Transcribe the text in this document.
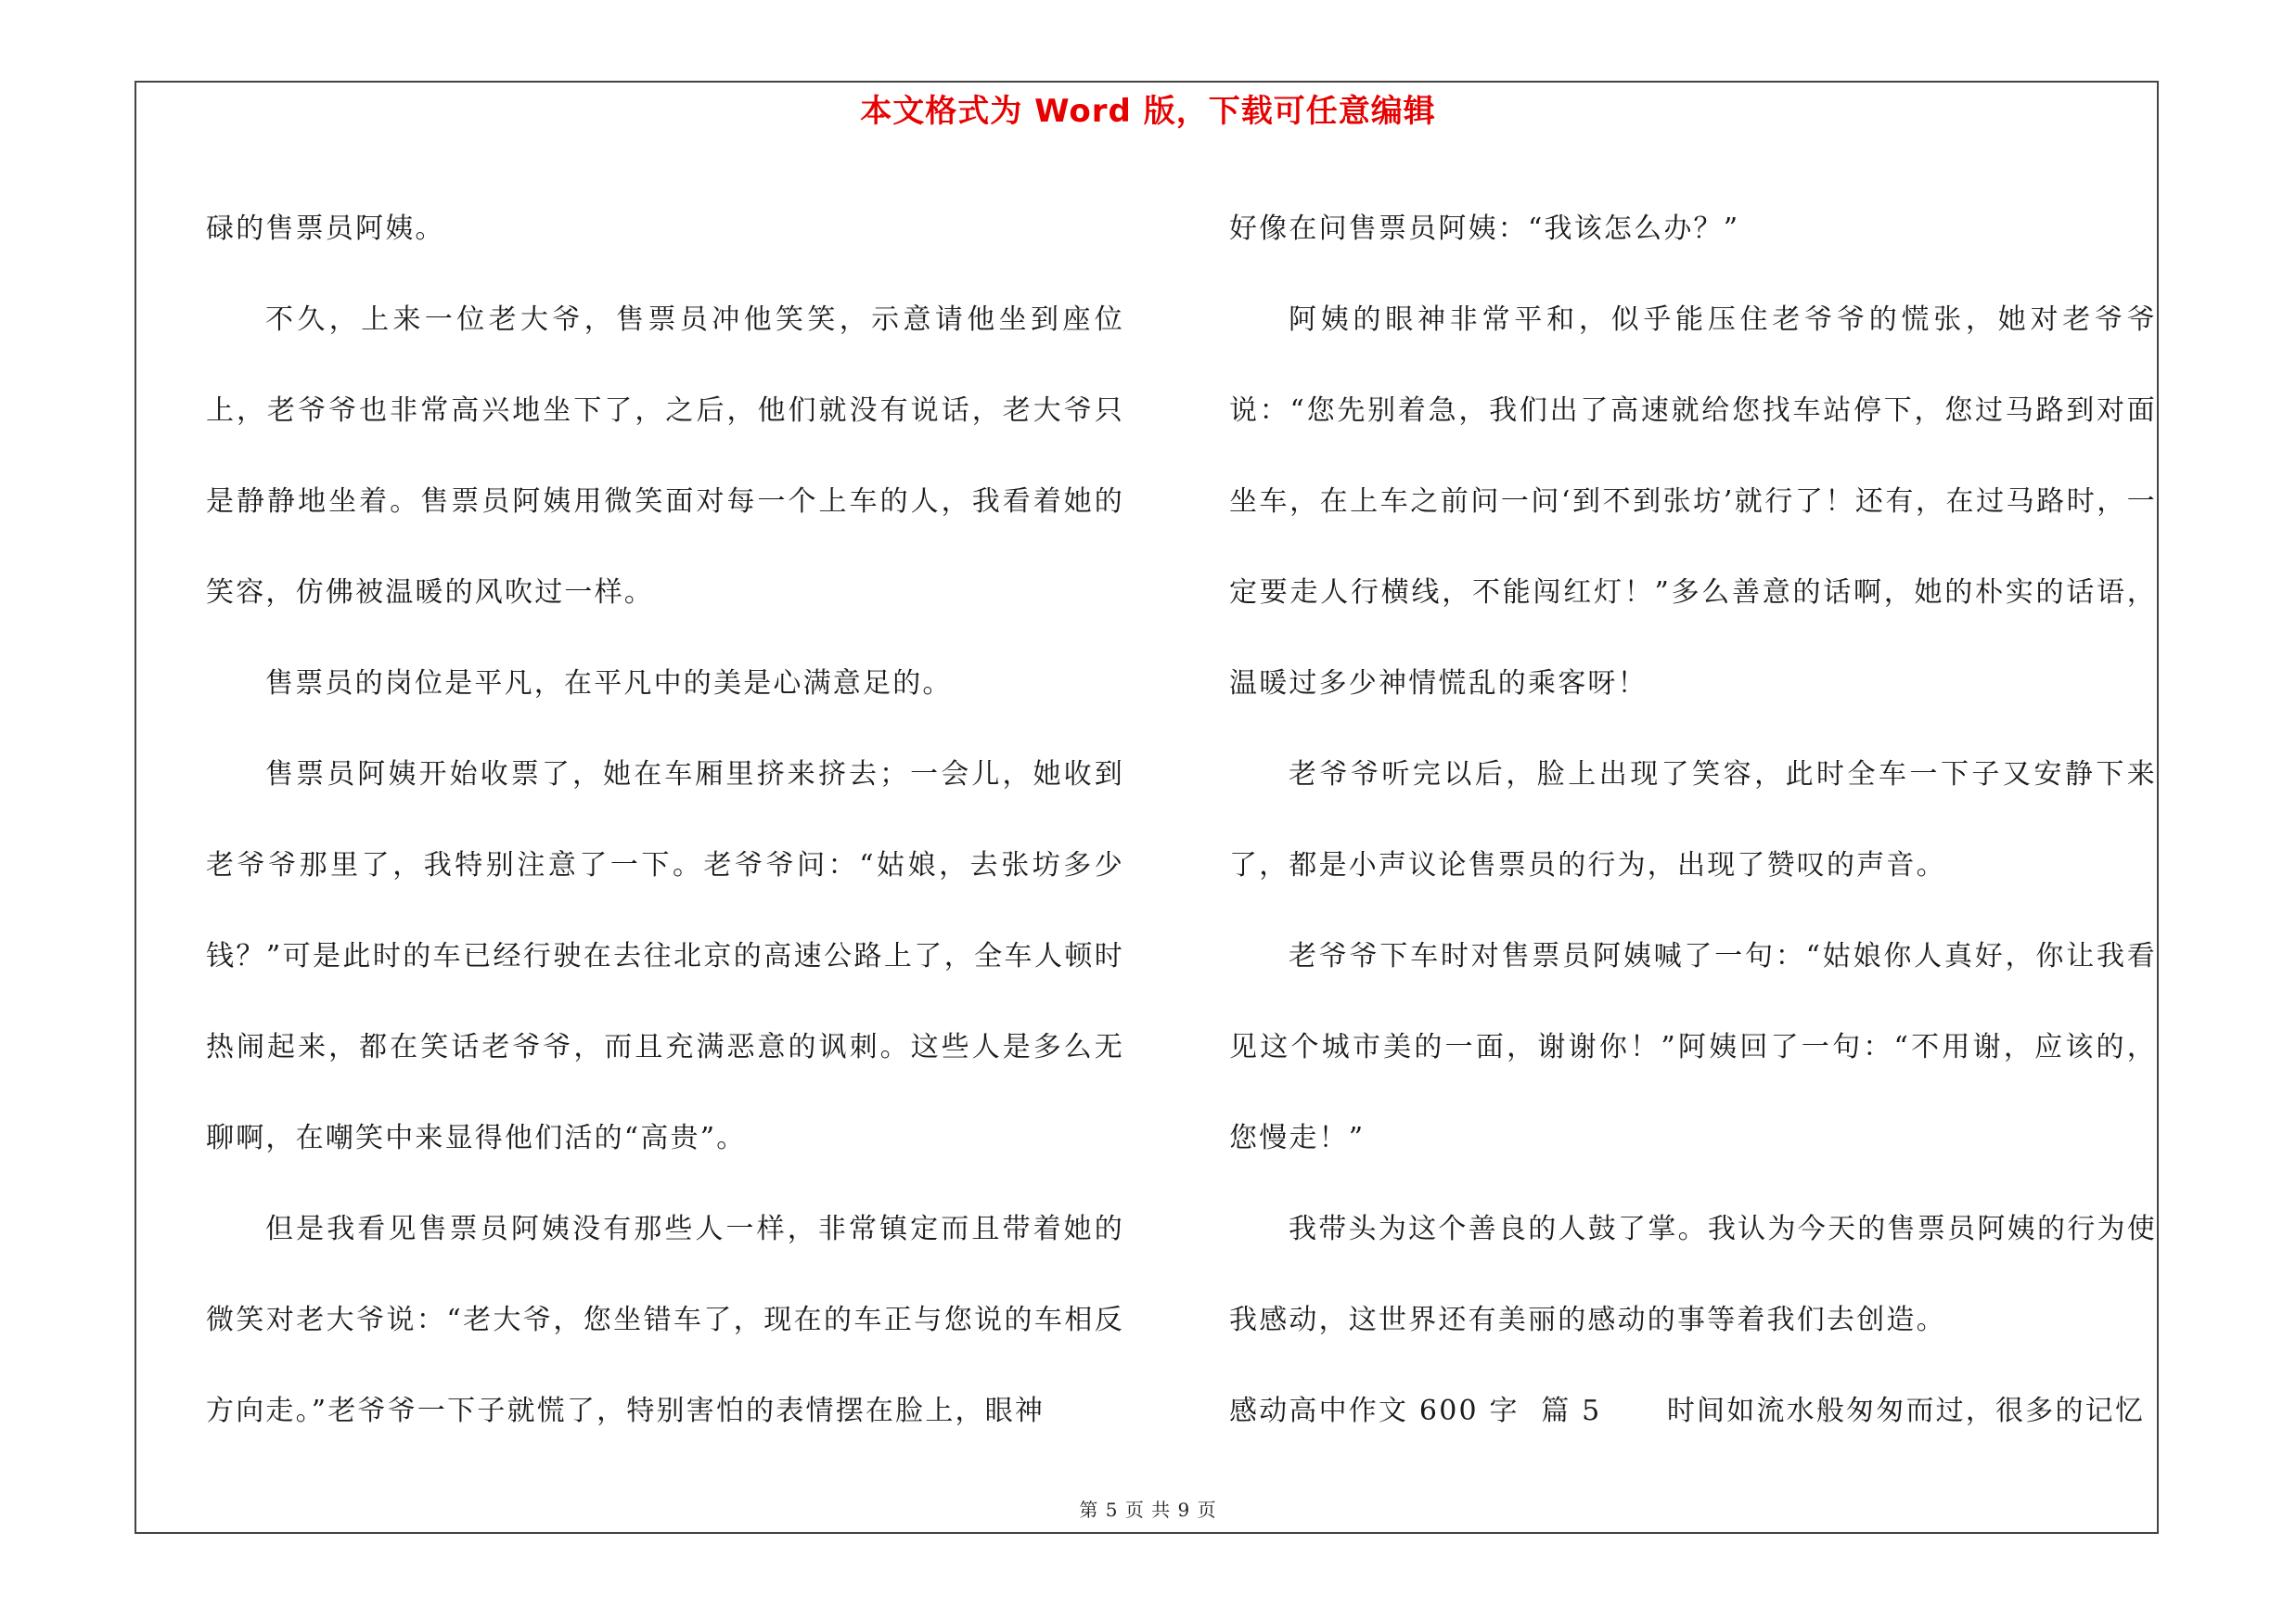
本文格式为 Word 版，下载可任意编辑

碌的售票员阿姨。

不久，上来一位老大爷，售票员冲他笑笑，示意请他坐到座位上，老爷爷也非常高兴地坐下了，之后，他们就没有说话，老大爷只是静静地坐着。售票员阿姨用微笑面对每一个上车的人，我看着她的笑容，仿佛被温暖的风吹过一样。

售票员的岗位是平凡，在平凡中的美是心满意足的。

售票员阿姨开始收票了，她在车厢里挤来挤去；一会儿，她收到老爷爷那里了，我特别注意了一下。老爷爷问：“姑娘，去张坊多少钱？”可是此时的车已经行驶在去往北京的高速公路上了，全车人顿时热闹起来，都在笑话老爷爷，而且充满恶意的讽刺。这些人是多么无聊啊，在嘲笑中来显得他们活的“高贵”。

但是我看见售票员阿姨没有那些人一样，非常镇定而且带着她的微笑对老大爷说：“老大爷，您坐错车了，现在的车正与您说的车相反方向走。”老爷爷一下子就慌了，特别害怕的表情摆在脸上，眼神

好像在问售票员阿姨：“我该怎么办？”

阿姨的眼神非常平和，似乎能压住老爷爷的慌张，她对老爷爷说：“您先别着急，我们出了高速就给您找车站停下，您过马路到对面坐车，在上车之前问一问‘到不到张坊’就行了！还有，在过马路时，一定要走人行横线，不能闯红灯！”多么善意的话啊，她的朴实的话语，温暖过多少神情慌乱的乘客呀！

老爷爷听完以后，脸上出现了笑容，此时全车一下子又安静下来了，都是小声议论售票员的行为，出现了赞叹的声音。

老爷爷下车时对售票员阿姨喊了一句：“姑娘你人真好，你让我看见这个城市美的一面，谢谢你！”阿姨回了一句：“不用谢，应该的，您慢走！”

我带头为这个善良的人鼓了掌。我认为今天的售票员阿姨的行为使我感动，这世界还有美丽的感动的事等着我们去创造。

感动高中作文 600 字  篇 5      时间如流水般匆匆而过，很多的记忆

第 5 页 共 9 页
